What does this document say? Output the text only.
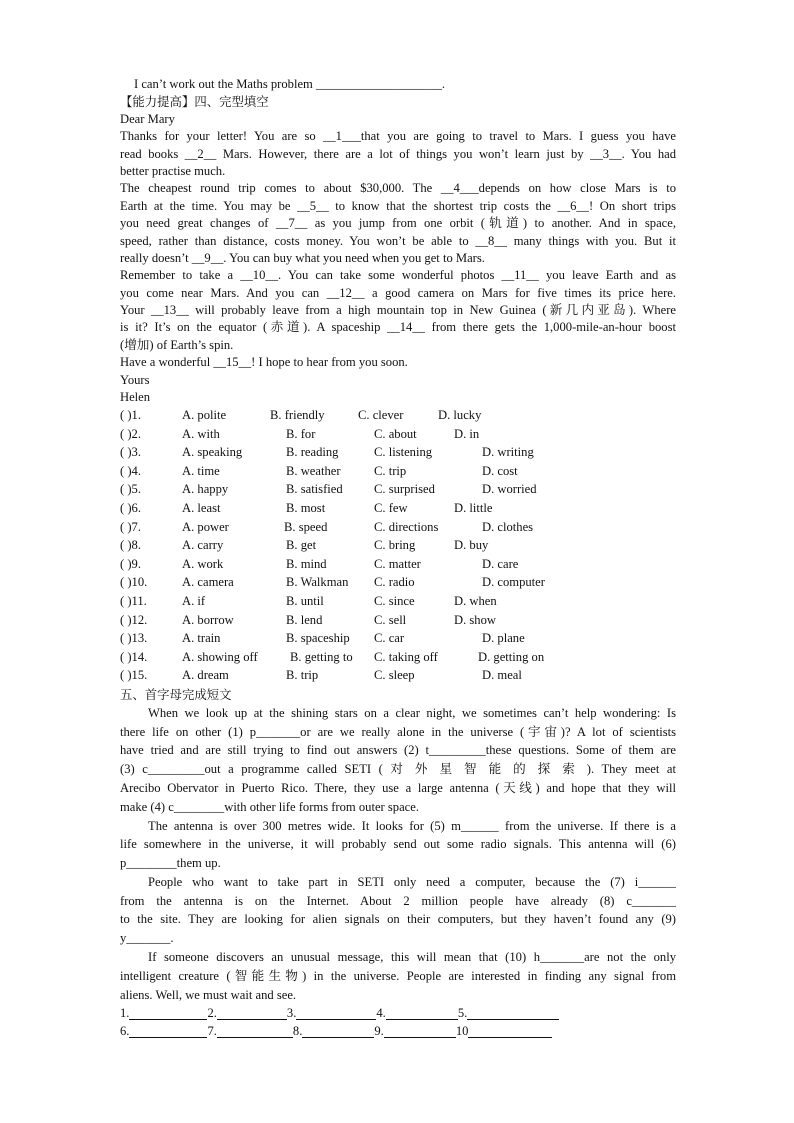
I can’t work out the Maths problem ____________________.
【能力提高】四、完型填空
Dear Mary
Thanks for your letter! You are so __1___that you are going to travel to Mars. I guess you have
read books __2__ Mars. However, there are a lot of things you won’t learn just by __3__. You had
better practise much.
The cheapest round trip comes to about $30,000. The __4___depends on how close Mars is to
Earth at the time. You may be __5__ to know that the shortest trip costs the __6__! On short trips
you need great changes of __7__ as you jump from one orbit (轨道) to another. And in space,
speed, rather than distance, costs money. You won’t be able to __8__ many things with you. But it
really doesn’t __9__. You can buy what you need when you get to Mars.
Remember to take a __10__. You can take some wonderful photos __11__ you leave Earth and as
you come near Mars. And you can __12__ a good camera on Mars for five times its price here.
Your __13__ will probably leave from a high mountain top in New Guinea (新几内亚岛). Where
is it? It’s on the equator (赤道). A spaceship __14__ from there gets the 1,000-mile-an-hour boost
(增加) of Earth’s spin.
Have a wonderful __15__! I hope to hear from you soon.
Yours
Helen
( )1.	A. polite	B. friendly	C. clever	D. lucky
( )2.	A. with	B. for	C. about	D. in
( )3.	A. speaking	B. reading	C. listening	D. writing
( )4.	A. time	B. weather	C. trip	D. cost
( )5.	A. happy	B. satisfied	C. surprised	D. worried
( )6.	A. least	B. most	C. few	D. little
( )7.	A. power	B. speed	C. directions	D. clothes
( )8.	A. carry	B. get	C. bring	D. buy
( )9.	A. work	B. mind	C. matter	D. care
( )10.	A. camera	B. Walkman	C. radio	D. computer
( )11.	A. if	B. until	C. since	D. when
( )12.	A. borrow	B. lend	C. sell	D. show
( )13.	A. train	B. spaceship	C. car	D. plane
( )14.	A. showing off	B. getting to	C. taking off	D. getting on
( )15.	A. dream	B. trip	C. sleep	D. meal
五、首字母完成短文
When we look up at the shining stars on a clear night, we sometimes can’t help wondering: Is
there life on other (1) p_______or are we really alone in the universe (宇宙)? A lot of scientists
have tried and are still trying to find out answers (2) t_________these questions. Some of them are
(3) c_________out a programme called SETI ( 对 外 星 智 能 的 探 索 ). They meet at
Arecibo Obervator in Puerto Rico. There, they use a large antenna (天线) and hope that they will
make (4) c________with other life forms from outer space.
The antenna is over 300 metres wide. It looks for (5) m______ from the universe. If there is a
life somewhere in the universe, it will probably send out some radio signals. This antenna will (6)
p________them up.
People who want to take part in SETI only need a computer, because the (7) i______
from the antenna is on the Internet. About 2 million people have already (8) c_______
to the site. They are looking for alien signals on their computers, but they haven’t found any (9)
y_______.
If someone discovers an unusual message, this will mean that (10) h_______are not the only
intelligent creature (智能生物) in the universe. People are interested in finding any signal from
aliens. Well, we must wait and see.
1.	2.	3.	4.	5.
6.	7.	8.	9.	10
